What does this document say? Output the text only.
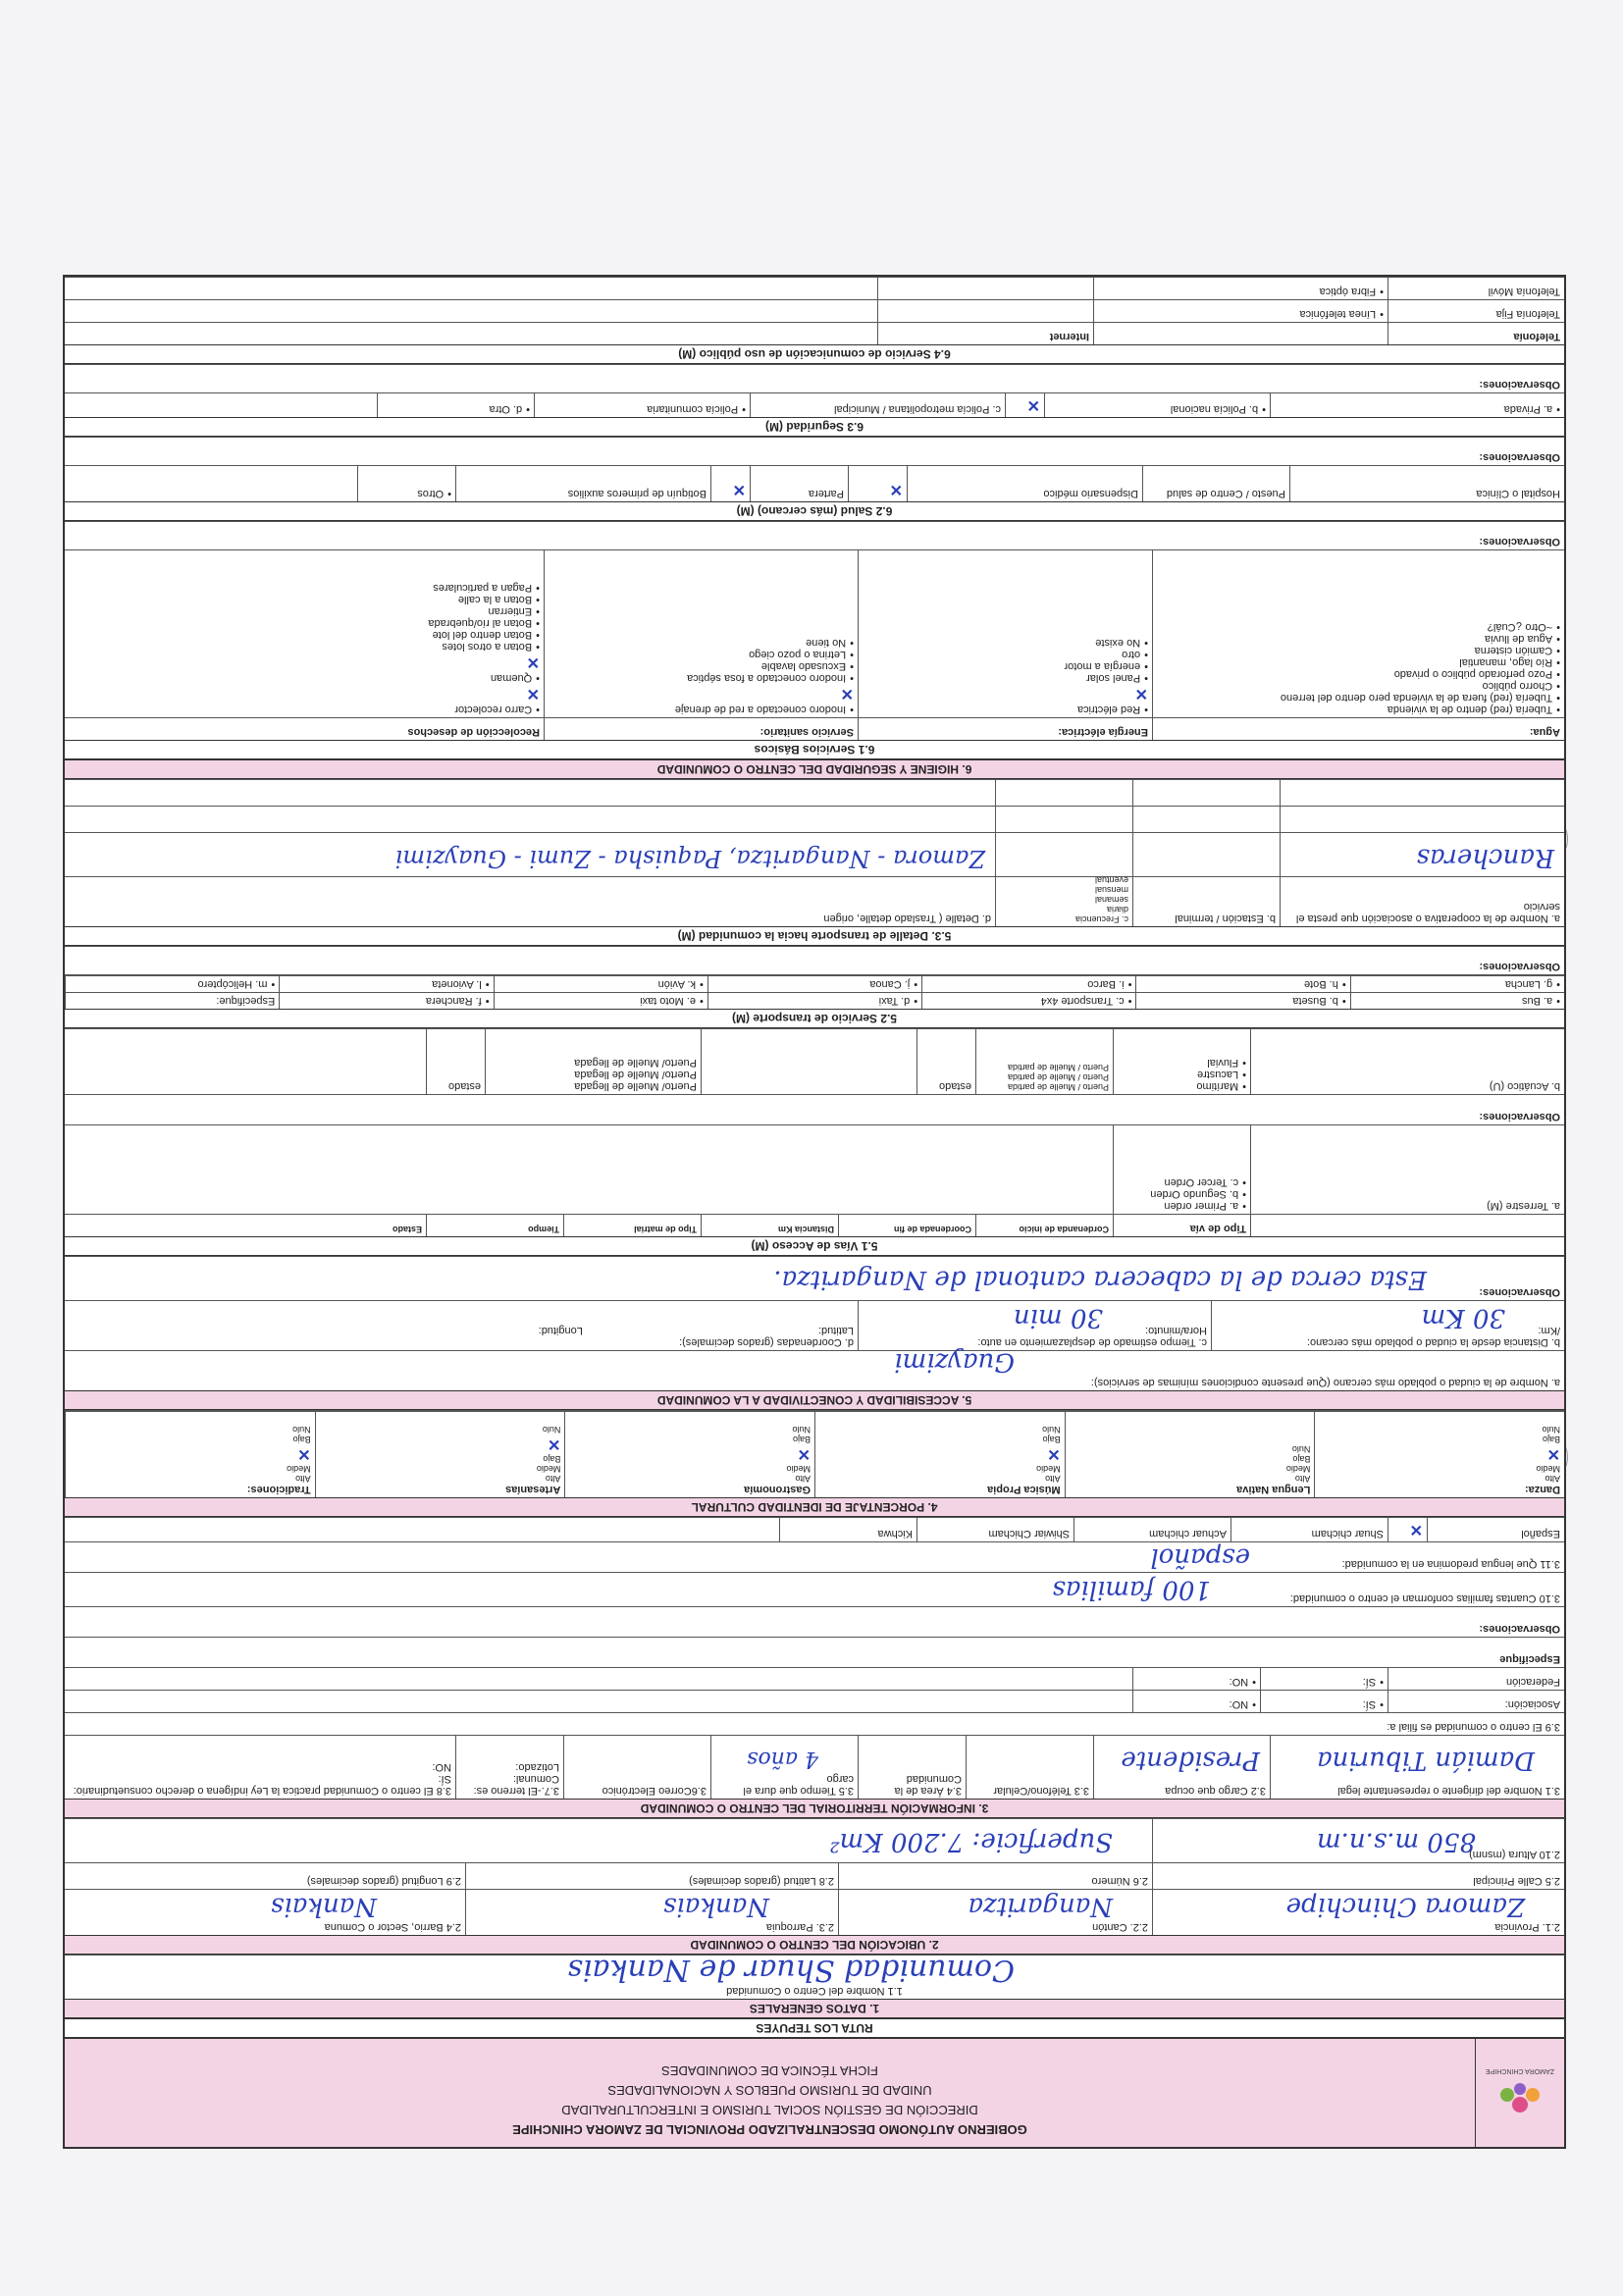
ZAMORA CHINCHIPE
GOBIERNO AUTÓNOMO DESCENTRALIZADO PROVINCIAL DE ZAMORA CHINCHIPE
DIRECCIÓN DE GESTIÓN SOCIAL TURISMO E INTERCULTURALIDAD
UNIDAD DE TURISMO PUEBLOS Y NACIONALIDADES
FICHA TÉCNICA DE COMUNIDADES
RUTA LOS TEPUYES
1. DATOS GENERALES
1.1 Nombre del Centro o Comunidad
Comunidad Shuar de Nankais
2. UBICACIÓN DEL CENTRO O COMUNIDAD
2.1. Provincia
Zamora Chinchipe
2.2. Cantón
Nangaritza
2.3. Parroquia
Nankais
2.4 Barrio, Sector o Comuna
Nankais
2.5 Calle Principal
2.6 Número
2.8 Latitud (grados decimales)
2.9 Longitud (grados decimales)
2.10 Altura (msnm)
850 m.s.n.m
Superficie: 7.200 Km²
3. INFORMACIÓN TERRITORIAL DEL CENTRO O COMUNIDAD
3.1 Nombre del dirigente o representante legal
Damián Tiburina
3.2 Cargo que ocupa
Presidente
3.3 Teléfono/Celular
3.4 Área de la Comunidad
3.5 Tiempo que dura el cargo
4 años
3.6Correo Electrónico
3.7.-El terreno es:
Comunal:
Lotizado:
3.8 El centro o Comunidad practica la Ley indígena o derecho consuetudinario:
SÍ:
NO:
3.9 El centro o comunidad es filial a:
Asociación:
• SÍ:
• NO:
Federación
• SÍ:
• NO:
Especifique
Observaciones:
3.10 Cuantas familias conforman el centro o comunidad:
100 familias
3.11 Que lengua predomina en la comunidad:
español
Español
✕
Shuar chicham
Achuar chicham
Shiwiar Chicham
Kichwa
4. PORCENTAJE DE IDENTIDAD CULTURAL
Danza:
Alto
Medio
✕
Bajo
Nulo
Lengua Nativa
Alto
Medio
Bajo
Nulo
Música Propia
Alto
Medio
✕
Bajo
Nulo
Gastronomía
Alto
Medio
✕
Bajo
Nulo
Artesanías
Alto
Medio
Bajo
✕
Nulo
Tradiciones:
Alto
Medio
✕
Bajo
Nulo
5. ACCESIBILIDAD Y CONECTIVIDAD A LA COMUNIDAD
a. Nombre de la ciudad o poblado más cercano (Que presente condiciones mínimas de servicios):
Guayzimi
b. Distancia desde la ciudad o poblado más cercano:
/Km:
30 Km
c. Tiempo estimado de desplazamiento en auto:
Hora/minuto:
30 min
d. Coordenadas (grados decimales):
Latitud:
Longitud:
Observaciones:
Esta cerca de la cabecera cantonal de Nangaritza.
5.1 Vías de Acceso (M)
Tipo de vía
Cordenanda de inicio
Coordenada de fin
Distancia Km
Tipo de matrial
Tiempo
Estado
a. Terrestre (M)
• a. Primer orden
• b. Segundo Orden
• c. Tercer Orden
Observaciones:
b. Acuático (U)
• Marítimo
• Lacustre
• Fluvial
Puerto / Muelle de partida
Puerto / Muelle de partida
Puerto / Muelle de partida
estado
Puerto/ Muelle de llegada
Puerto/ Muelle de llegada
Puerto/ Muelle de llegada
estado
5.2 Servicio de transporte (M)
• a. Bus
• b. Buseta
• c. Transporte 4x4
• d. Taxi
• e. Moto taxi
• f. Ranchera
Especifique:
• g. Lancha
• h. Bote
• i. Barco
• j. Canoa
• k. Avión
• l. Avioneta
• m. Helicóptero
Observaciones:
5.3. Detalle de transporte hacia la comunidad (M)
a. Nombre de la cooperativa o asociación que presta el servicio
b. Estación / terminal
c. Frecuencia
diaria
semanal
mensual
eventual
d. Detalle ( Traslado detalle, origen
Rancheras
Zamora - Nangaritza, Paquisha - Zumi - Guayzimi
6. HIGIENE Y SEGURIDAD DEL CENTRO O COMUNIDAD
6.1 Servicios Básicos
Agua:
Energía eléctrica:
Servicio sanitario:
Recolección de desechos
• Tubería (red) dentro de la vivienda
• Tubería (red) fuera de la vivienda pero dentro del terreno
• Chorro público
• Pozo perforado público o privado
• Río lago, manantial
• Camión cisterna
• Agua de lluvia
• ~Otro ¿Cuál?
• Red eléctrica
✕
• Panel solar
• energía a motor
• otro
• No existe
• Inodoro conectado a red de drenaje
✕
• Inodoro conectado a fosa séptica
• Excusado lavable
• Letrina o pozo ciego
• No tiene
• Carro recolector
✕
• Queman
✕
• Botan a otros lotes
• Botan dentro del lote
• Botan al río/quebrada
• Entierran
• Botan a la calle
• Pagan a particulares
Observaciones:
6.2 Salud (más cercano) (M)
Hospital o Clínica
Puesto / Centro de salud
Dispensario médico
✕
Partera
✕
Botiquín de primeros auxilios
• Otros
Observaciones:
6.3 Seguridad (M)
• a. Privada
• b. Policía nacional
✕
c. Policía metropolitana / Municipal
• Policía comunitaria
• d. Otra
Observaciones:
6.4 Servicio de comunicación de uso público (M)
Telefonía
Internet
Telefonía Fija
• Línea telefónica
Telefonía Móvil
• Fibra óptica
